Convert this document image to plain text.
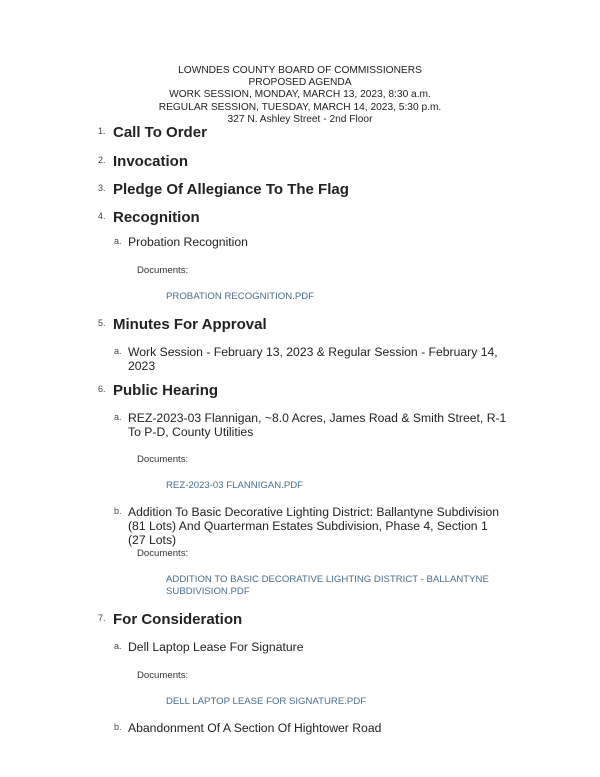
LOWNDES COUNTY BOARD OF COMMISSIONERS
PROPOSED AGENDA
WORK SESSION, MONDAY, MARCH 13, 2023, 8:30 a.m.
REGULAR SESSION, TUESDAY, MARCH 14, 2023, 5:30 p.m.
327 N. Ashley Street - 2nd Floor
1. Call To Order
2. Invocation
3. Pledge Of Allegiance To The Flag
4. Recognition
a. Probation Recognition
Documents:
PROBATION RECOGNITION.PDF
5. Minutes For Approval
a. Work Session - February 13, 2023 & Regular Session - February 14, 2023
6. Public Hearing
a. REZ-2023-03 Flannigan, ~8.0 Acres, James Road & Smith Street, R-1 To P-D, County Utilities
Documents:
REZ-2023-03 FLANNIGAN.PDF
b. Addition To Basic Decorative Lighting District: Ballantyne Subdivision (81 Lots) And Quarterman Estates Subdivision, Phase 4, Section 1 (27 Lots)
Documents:
ADDITION TO BASIC DECORATIVE LIGHTING DISTRICT - BALLANTYNE SUBDIVISION.PDF
7. For Consideration
a. Dell Laptop Lease For Signature
Documents:
DELL LAPTOP LEASE FOR SIGNATURE.PDF
b. Abandonment Of A Section Of Hightower Road
